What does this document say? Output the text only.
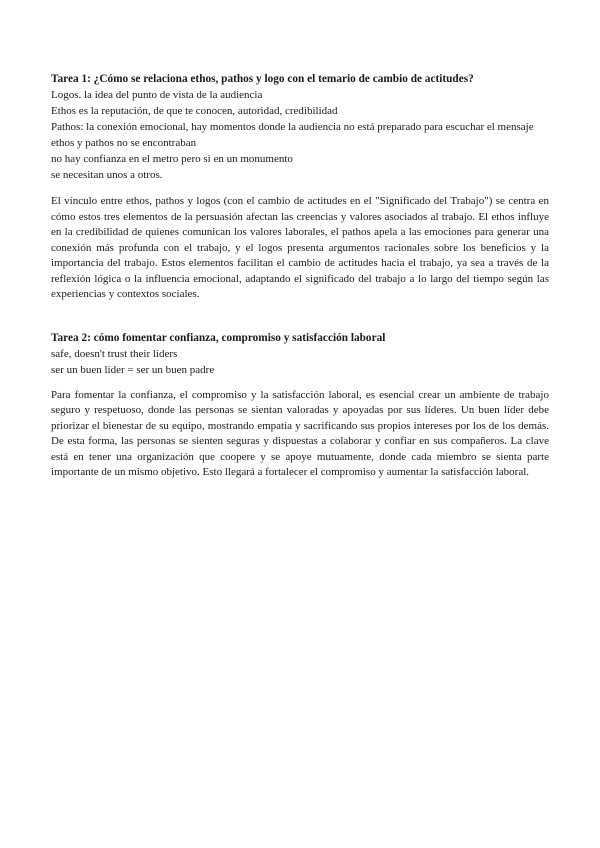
Tarea 1: ¿Cómo se relaciona ethos, pathos y logo con el temario de cambio de actitudes?

Logos. la idea del punto de vista de la audiencia

Ethos es la reputación, de que te conocen, autoridad, credibilidad

Pathos: la conexión emocional, hay momentos donde la audiencia no está preparado para escuchar el mensaje

ethos y pathos no se encontraban

no hay confianza en el metro pero si en un monumento

se necesitan unos a otros.

El vínculo entre ethos, pathos y logos (con el cambio de actitudes en el "Significado del Trabajo") se centra en cómo estos tres elementos de la persuasión afectan las creencias y valores asociados al trabajo. El ethos influye en la credibilidad de quienes comunican los valores laborales, el pathos apela a las emociones para generar una conexión más profunda con el trabajo, y el logos presenta argumentos racionales sobre los beneficios y la importancia del trabajo. Estos elementos facilitan el cambio de actitudes hacia el trabajo, ya sea a través de la reflexión lógica o la influencia emocional, adaptando el significado del trabajo a lo largo del tiempo según las experiencias y contextos sociales.

Tarea 2: cómo fomentar confianza, compromiso y satisfacción laboral

safe, doesn't trust their liders

ser un buen lider = ser un buen padre

Para fomentar la confianza, el compromiso y la satisfacción laboral, es esencial crear un ambiente de trabajo seguro y respetuoso, donde las personas se sientan valoradas y apoyadas por sus líderes. Un buen líder debe priorizar el bienestar de su equipo, mostrando empatía y sacrificando sus propios intereses por los de los demás. De esta forma, las personas se sienten seguras y dispuestas a colaborar y confiar en sus compañeros. La clave está en tener una organización que coopere y se apoye mutuamente, donde cada miembro se sienta parte importante de un mismo objetivo. Esto llegará a fortalecer el compromiso y aumentar la satisfacción laboral.
